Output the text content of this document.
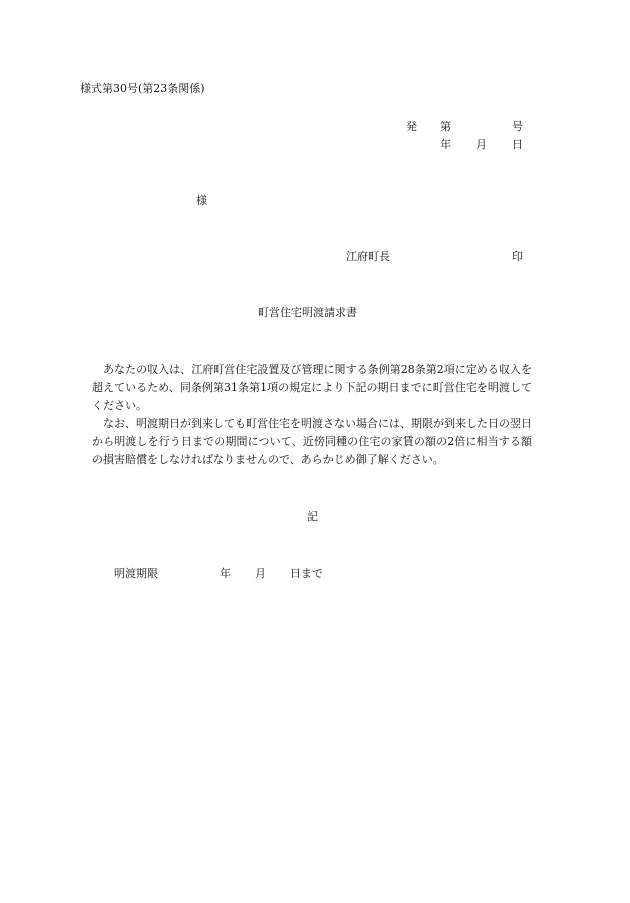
様式第30号(第23条関係)
発 第	号
年 月 日
様
江府町長	印
町営住宅明渡請求書

あなたの収入は、江府町営住宅設置及び管理に関する条例第28条第2項に定める収入を超えているため、同条例第31条第1項の規定により下記の期日までに町営住宅を明渡してください。

なお、明渡期日が到来しても町営住宅を明渡さない場合には、期限が到来した日の翌日から明渡しを行う日までの期間について、近傍同種の住宅の家賃の額の2倍に相当する額の損害賠償をしなければなりませんので、あらかじめ御了解ください。

記
明渡期限	年 月 日まで
